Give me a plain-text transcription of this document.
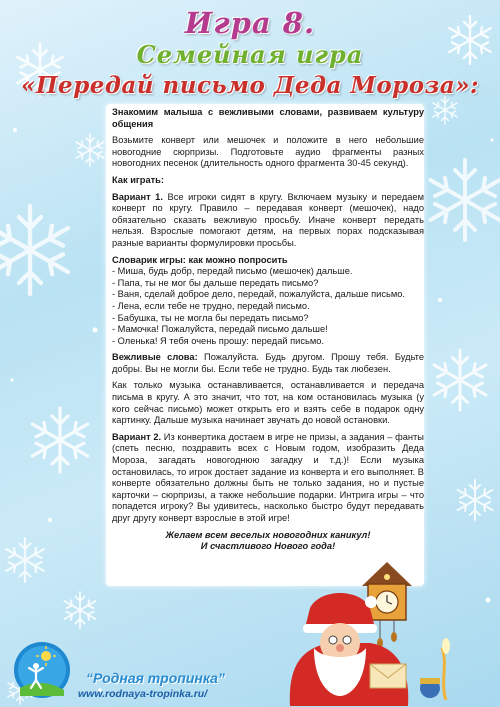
Игра 8.
Семейная игра
«Передай письмо Деда Мороза»:

Знакомим малыша с вежливыми словами, развиваем культуру общения

Возьмите конверт или мешочек и положите в него небольшие новогодние сюрпризы. Подготовьте аудио фрагменты разных новогодних песенок (длительность одного фрагмента 30-45 секунд).

Как играть:

Вариант 1. Все игроки сидят в кругу. Включаем музыку и передаем конверт по кругу. Правило – передавая конверт (мешочек), надо обязательно сказать вежливую просьбу. Иначе конверт передать нельзя. Взрослые помогают детям, на первых порах подсказывая разные варианты формулировки просьбы.

Словарик игры: как можно попросить

- Миша, будь добр, передай письмо (мешочек) дальше.
- Папа, ты не мог бы дальше передать письмо?
- Ваня, сделай доброе дело, передай, пожалуйста, дальше письмо.
- Лена, если тебе не трудно, передай письмо.
- Бабушка, ты не могла бы передать письмо?
- Мамочка! Пожалуйста, передай письмо дальше!
- Оленька! Я тебя очень прошу: передай письмо.

Вежливые слова: Пожалуйста. Будь другом. Прошу тебя. Будьте добры. Вы не могли бы. Если тебе не трудно. Будь так любезен.

Как только музыка останавливается, останавливается и передача письма в кругу. А это значит, что тот, на ком остановилась музыка (у кого сейчас письмо) может открыть его и взять себе в подарок одну картинку. Дальше музыка начинает звучать до новой остановки.

Вариант 2. Из конвертика достаем в игре не призы, а задания – фанты (спеть песню, поздравить всех с Новым годом, изобразить Деда Мороза, загадать новогоднюю загадку и т.д.)! Если музыка остановилась, то игрок достает задание из конверта и его выполняет. В конверте обязательно должны быть не только задания, но и пустые карточки – сюрпризы, а также небольшие подарки. Интрига игры – что попадется игроку? Вы удивитесь, насколько быстро будут передавать друг другу конверт взрослые в этой игре!

Желаем всем веселых новогодних каникул!
И счастливого Нового года!
“Родная тропинка”
www.rodnaya-tropinka.ru/
